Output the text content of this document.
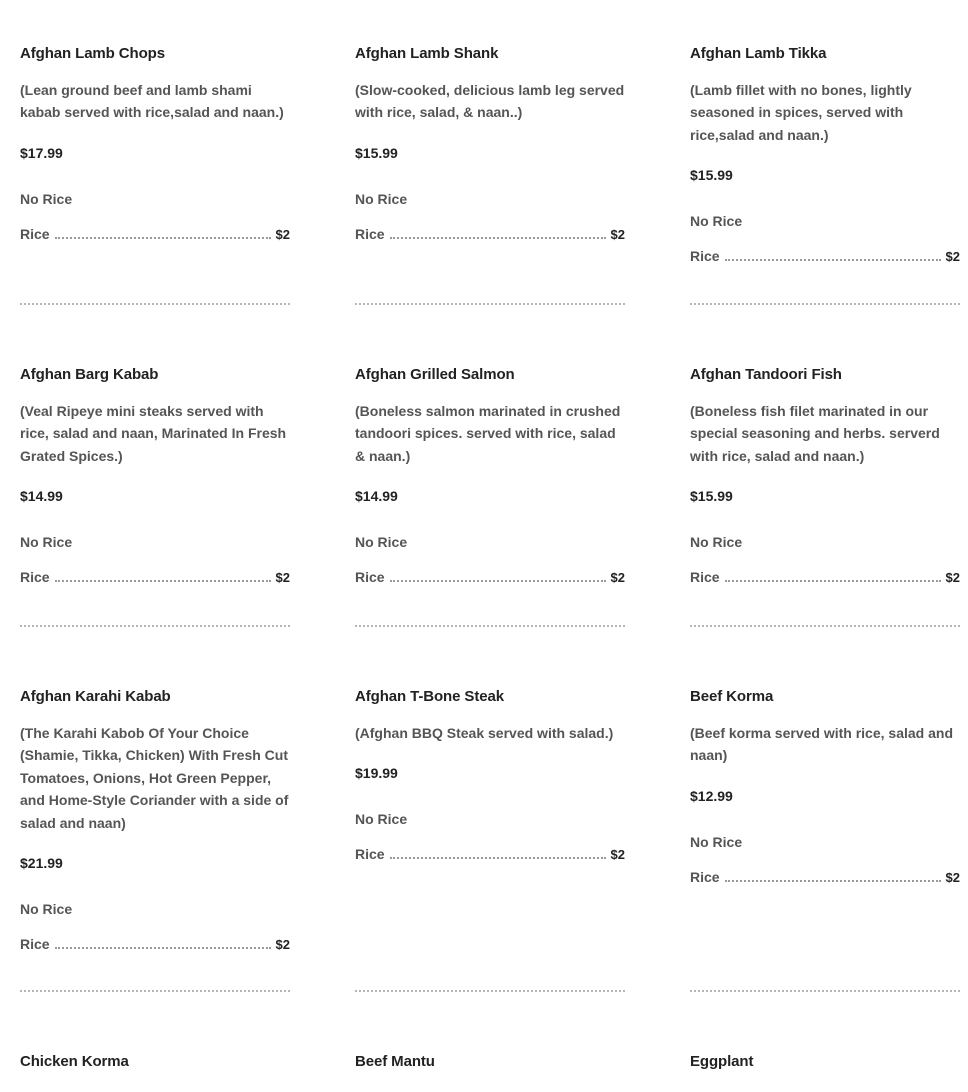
Afghan Lamb Chops

(Lean ground beef and lamb shami kabab served with rice,salad and naan.)

$17.99

No Rice

Rice	$2

Afghan Lamb Shank

(Slow-cooked, delicious lamb leg served with rice, salad, & naan..)

$15.99

No Rice

Rice	$2

Afghan Lamb Tikka

(Lamb fillet with no bones, lightly seasoned in spices, served with rice,salad and naan.)

$15.99

No Rice

Rice	$2

Afghan Barg Kabab

(Veal Ripeye mini steaks served with rice, salad and naan, Marinated In Fresh Grated Spices.)

$14.99

No Rice

Rice	$2

Afghan Grilled Salmon

(Boneless salmon marinated in crushed tandoori spices. served with rice, salad & naan.)

$14.99

No Rice

Rice	$2

Afghan Tandoori Fish

(Boneless fish filet marinated in our special seasoning and herbs. serverd with rice, salad and naan.)

$15.99

No Rice

Rice	$2

Afghan Karahi Kabab

(The Karahi Kabob Of Your Choice (Shamie, Tikka, Chicken) With Fresh Cut Tomatoes, Onions, Hot Green Pepper, and Home-Style Coriander with a side of salad and naan)

$21.99

No Rice

Rice	$2

Afghan T-Bone Steak

(Afghan BBQ Steak served with salad.)

$19.99

No Rice

Rice	$2

Beef Korma

(Beef korma served with rice, salad and naan)

$12.99

No Rice

Rice	$2

Chicken Korma	Beef Mantu	Eggplant
